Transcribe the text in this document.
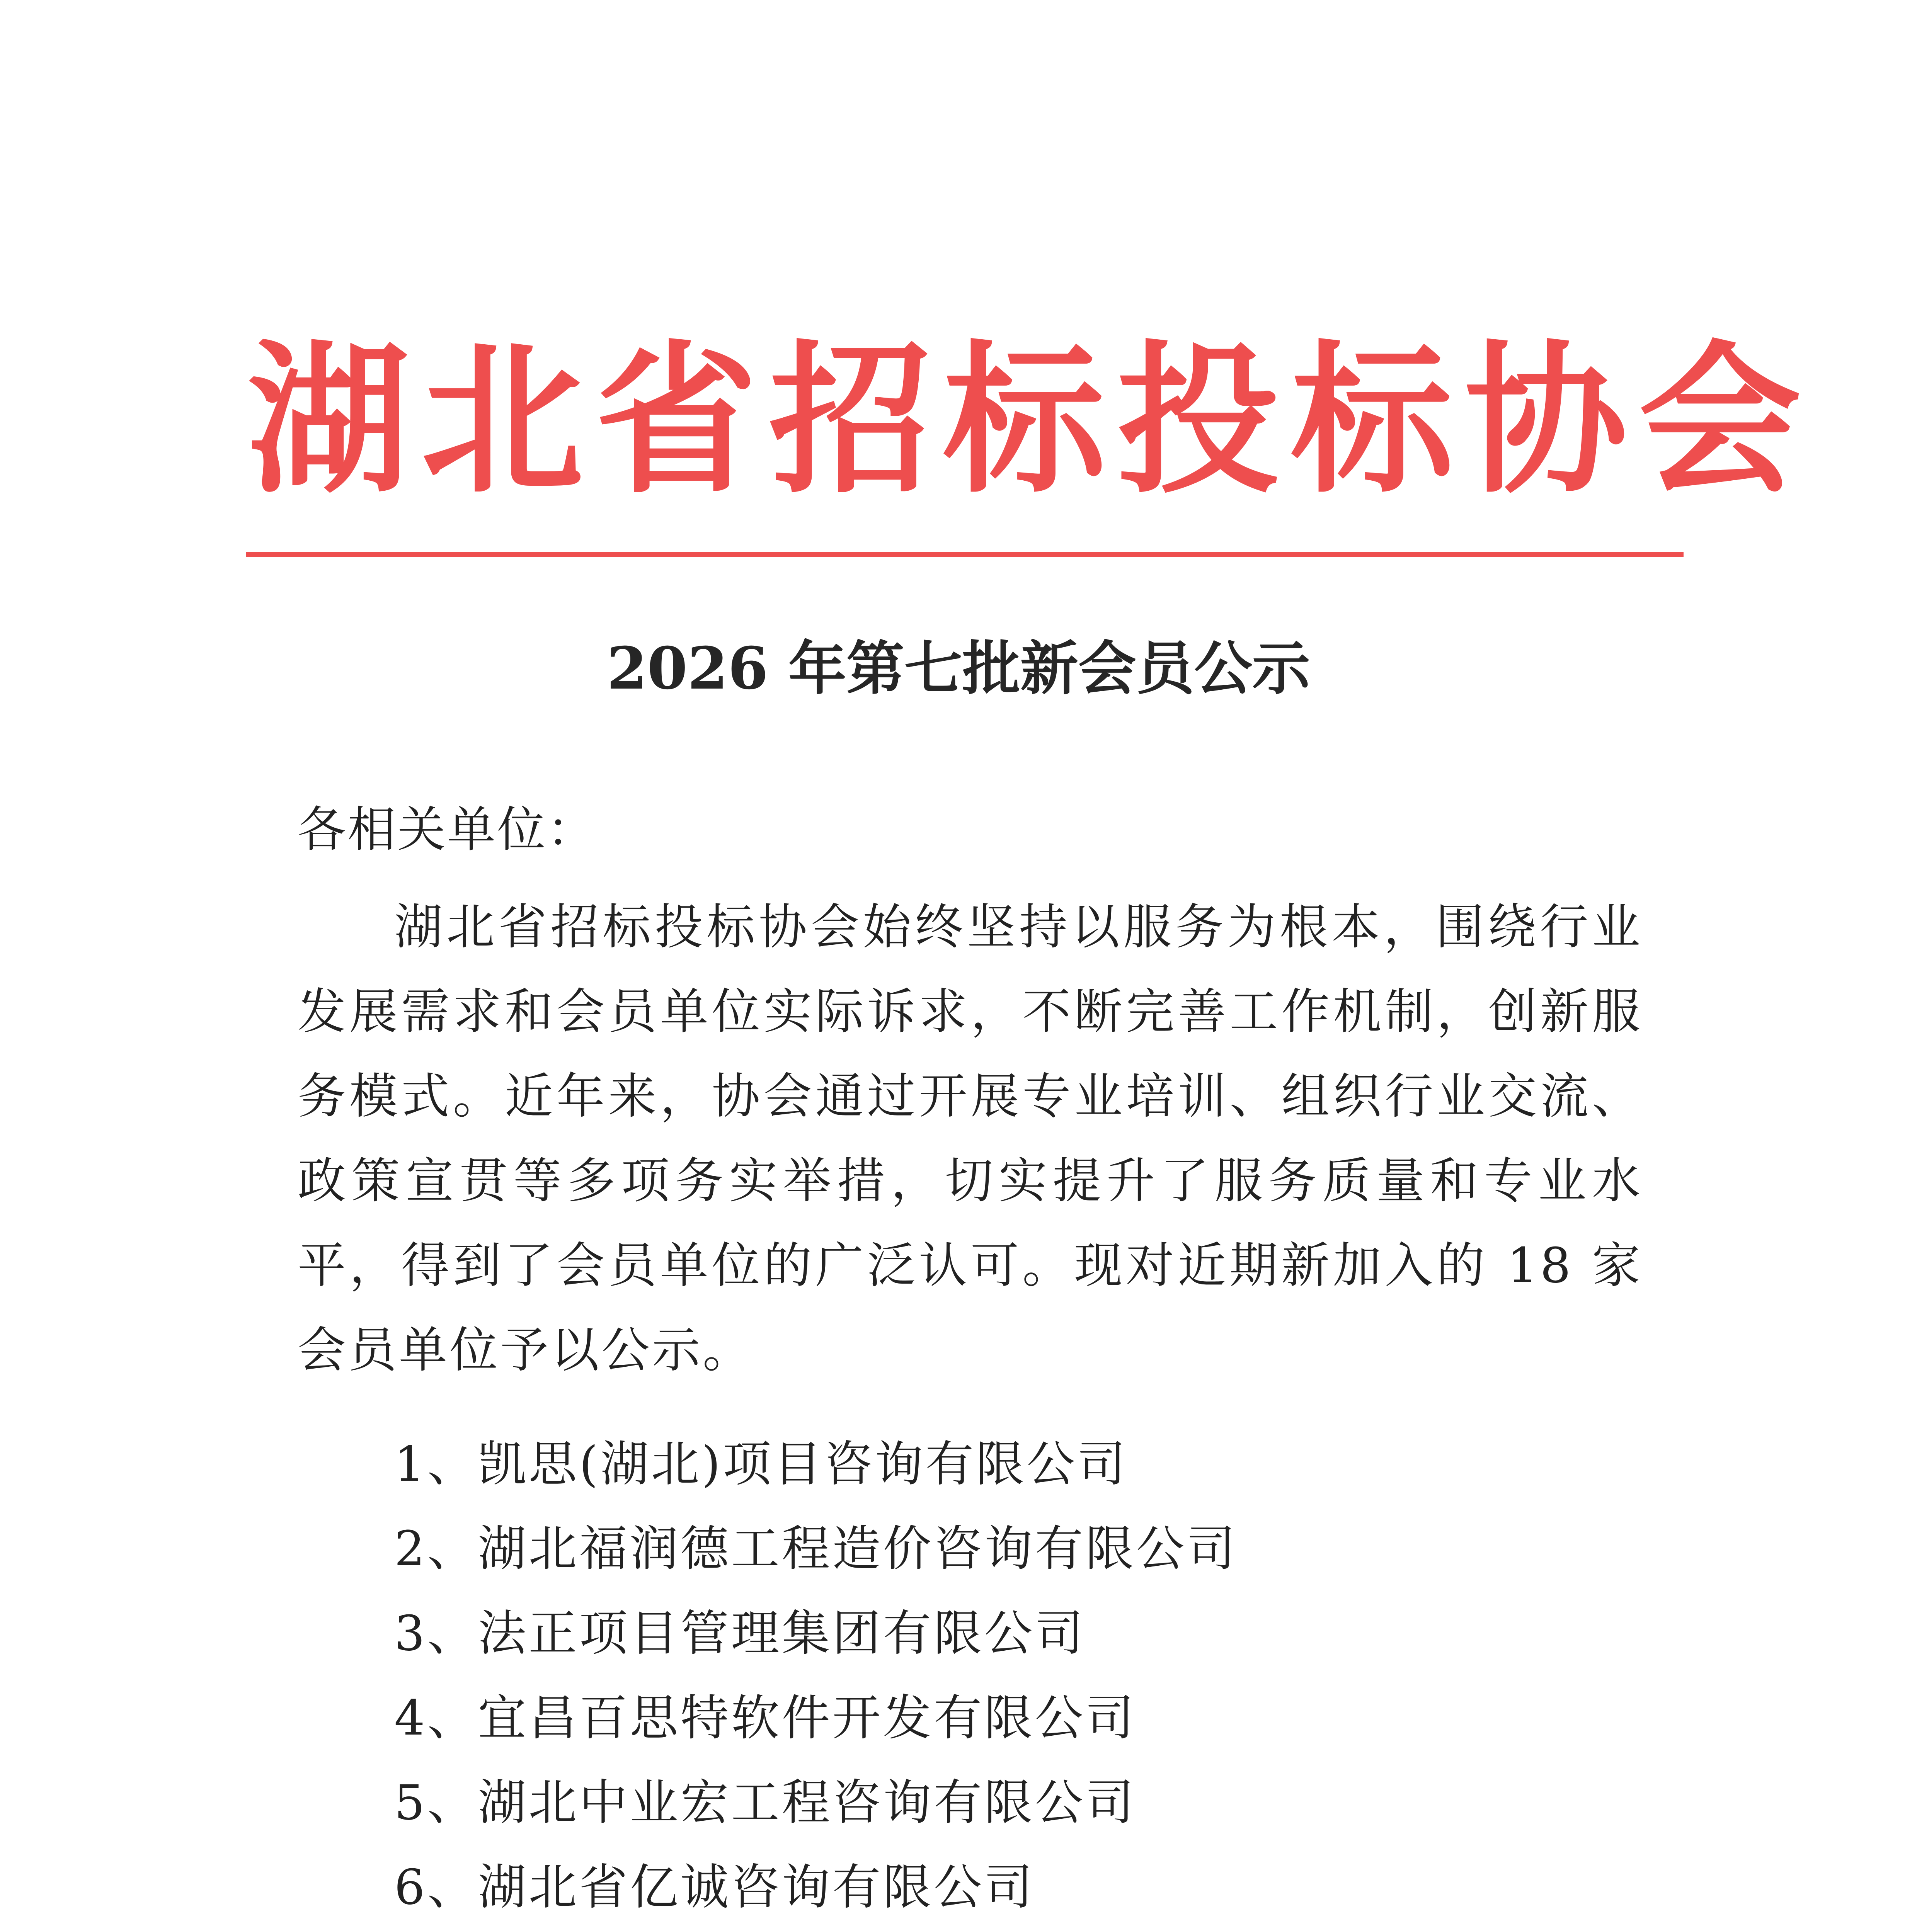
湖北省招标投标协会
2026 年第七批新会员公示
各相关单位：

湖北省招标投标协会始终坚持以服务为根本，围绕行业发展需求和会员单位实际诉求，不断完善工作机制，创新服务模式。近年来，协会通过开展专业培训、组织行业交流、政策宣贯等多项务实举措，切实提升了服务质量和专业水平，得到了会员单位的广泛认可。现对近期新加入的 18 家会员单位予以公示。

1、凯思(湖北)项目咨询有限公司
2、湖北福润德工程造价咨询有限公司
3、法正项目管理集团有限公司
4、宜昌百思特软件开发有限公司
5、湖北中业宏工程咨询有限公司
6、湖北省亿诚咨询有限公司
